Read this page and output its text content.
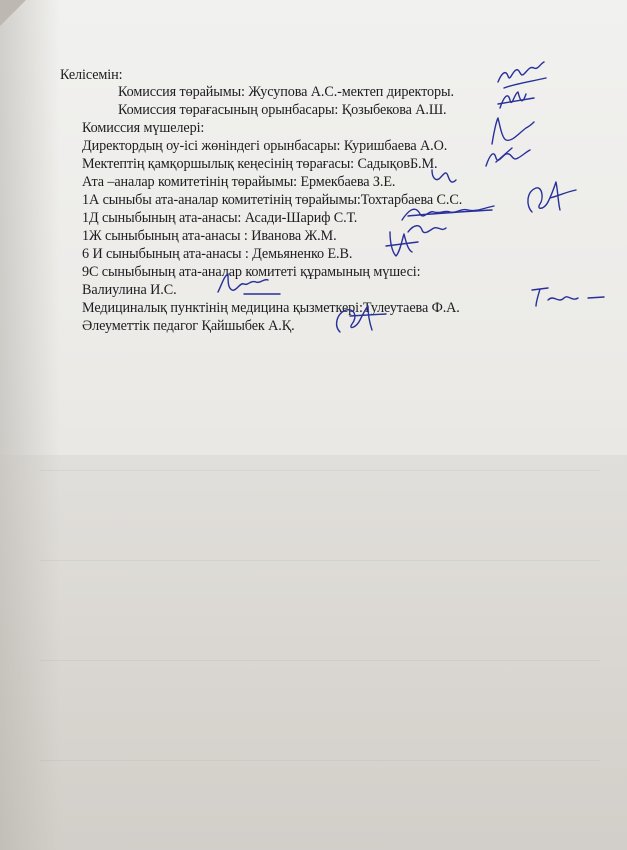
Келісемін:
Комиссия төрайымы: Жусупова А.С.-мектеп директоры.
Комиссия төрағасының орынбасары: Қозыбекова А.Ш.
Комиссия мүшелері:
Директордың оу-ісі жөніндегі орынбасары: Куришбаева А.О.
Мектептің қамқоршылық кеңесінің төрағасы: СадықовБ.М.
Ата –аналар комитетінің төрайымы: Ермекбаева З.Е.
1А сыныбы ата-аналар комитетінің төрайымы:Тохтарбаева С.С.
1Д сыныбының ата-анасы: Асади-Шариф С.Т.
1Ж сыныбының ата-анасы : Иванова Ж.М.
6 И сыныбының ата-анасы : Демьяненко Е.В.
9С сыныбының ата-аналар комитеті құрамының мүшесі:
Валиулина И.С.
Медициналық пунктінің медицина қызметкері:Тулеутаева Ф.А.
Әлеуметтік педагог Қайшыбек А.Қ.
